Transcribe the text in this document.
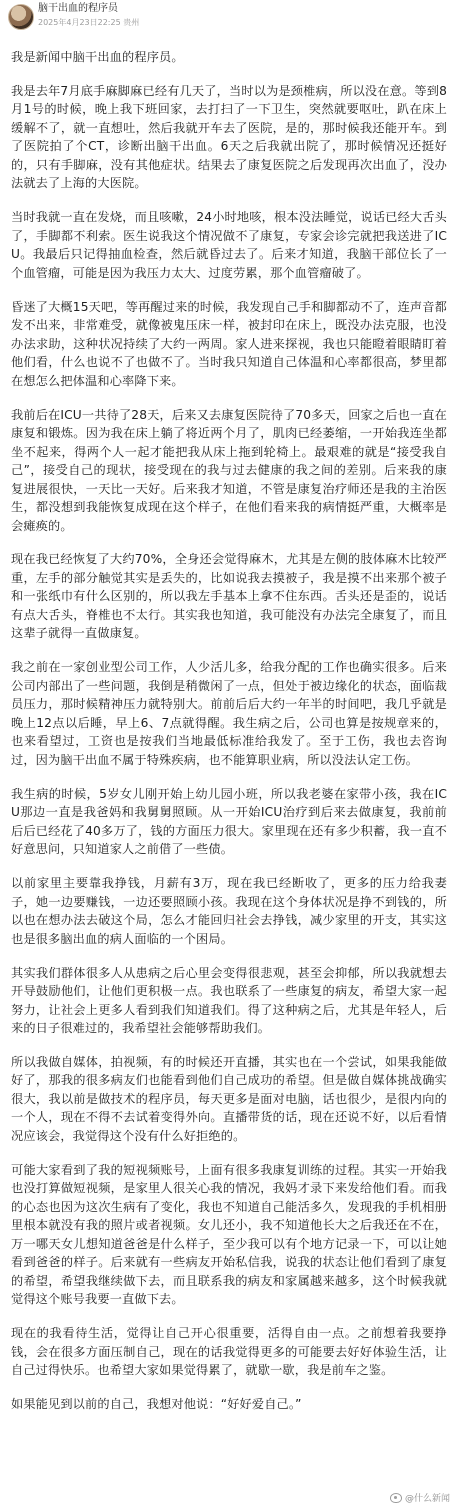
脑干出血的程序员
2025年4月23日22:25 贵州

我是新闻中脑干出血的程序员。

我是去年7月底手麻脚麻已经有几天了，当时以为是颈椎病，所以没在意。等到8月1号的时候，晚上我下班回家，去打扫了一下卫生，突然就要呕吐，趴在床上缓解不了，就一直想吐，然后我就开车去了医院，是的，那时候我还能开车。到了医院拍了个CT，诊断出脑干出血。6天之后我就出院了，那时候情况还挺好的，只有手脚麻，没有其他症状。结果去了康复医院之后发现再次出血了，没办法就去了上海的大医院。

当时我就一直在发烧，而且咳嗽，24小时地咳，根本没法睡觉，说话已经大舌头了，手脚都不利索。医生说我这个情况做不了康复，专家会诊完就把我送进了ICU。我最后只记得抽血检查，然后就昏过去了。后来才知道，我脑干部位长了一个血管瘤，可能是因为我压力太大、过度劳累，那个血管瘤破了。

昏迷了大概15天吧，等再醒过来的时候，我发现自己手和脚都动不了，连声音都发不出来，非常难受，就像被鬼压床一样，被封印在床上，既没办法克服，也没办法求助，这种状况持续了大约一两周。家人进来探视，我也只能瞪着眼睛盯着他们看，什么也说不了也做不了。当时我只知道自己体温和心率都很高，梦里都在想怎么把体温和心率降下来。

我前后在ICU一共待了28天，后来又去康复医院待了70多天，回家之后也一直在康复和锻炼。因为我在床上躺了将近两个月了，肌肉已经萎缩，一开始我连坐都坐不起来，得两个人一起才能把我从床上拖到轮椅上。最艰难的就是“接受我自己”，接受自己的现状，接受现在的我与过去健康的我之间的差别。后来我的康复进展很快，一天比一天好。后来我才知道，不管是康复治疗师还是我的主治医生，都没想到我能恢复成现在这个样子，在他们看来我的病情挺严重，大概率是会瘫痪的。

现在我已经恢复了大约70%，全身还会觉得麻木，尤其是左侧的肢体麻木比较严重，左手的部分触觉其实是丢失的，比如说我去摸被子，我是摸不出来那个被子和一张纸巾有什么区别的，所以我左手基本上拿不住东西。舌头还是歪的，说话有点大舌头，脊椎也不太行。其实我也知道，我可能没有办法完全康复了，而且这辈子就得一直做康复。

我之前在一家创业型公司工作，人少活儿多，给我分配的工作也确实很多。后来公司内部出了一些问题，我倒是稍微闲了一点，但处于被边缘化的状态，面临裁员压力，那时候精神压力就特别大。前前后后大约一年半的时间吧，我几乎就是晚上12点以后睡，早上6、7点就得醒。我生病之后，公司也算是按规章来的，也来看望过，工资也是按我们当地最低标准给我发了。至于工伤，我也去咨询过，因为脑干出血不属于特殊疾病，也不能算职业病，所以没法认定工伤。

我生病的时候，5岁女儿刚开始上幼儿园小班，所以我老婆在家带小孩，我在ICU那边一直是我爸妈和我舅舅照顾。从一开始ICU治疗到后来去做康复，我前前后后已经花了40多万了，钱的方面压力很大。家里现在还有多少积蓄，我一直不好意思问，只知道家人之前借了一些债。

以前家里主要靠我挣钱，月薪有3万，现在我已经断收了，更多的压力给我妻子，她一边要赚钱，一边还要照顾小孩。我现在这个身体状况是挣不到钱的，所以也在想办法去破这个局，怎么才能回归社会去挣钱，减少家里的开支，其实这也是很多脑出血的病人面临的一个困局。

其实我们群体很多人从患病之后心里会变得很悲观，甚至会抑郁，所以我就想去开导鼓励他们，让他们更积极一点。我也联系了一些康复的病友，希望大家一起努力，让社会上更多人看到我们知道我们。得了这种病之后，尤其是年轻人，后来的日子很难过的，我希望社会能够帮助我们。

所以我做自媒体，拍视频，有的时候还开直播，其实也在一个尝试，如果我能做好了，那我的很多病友们也能看到他们自己成功的希望。但是做自媒体挑战确实很大，我以前是做技术的程序员，每天更多是面对电脑，话也很少，是很内向的一个人，现在不得不去试着变得外向。直播带货的话，现在还说不好，以后看情况应该会，我觉得这个没有什么好拒绝的。

可能大家看到了我的短视频账号，上面有很多我康复训练的过程。其实一开始我也没打算做短视频，是家里人很关心我的情况，我妈才录下来发给他们看。而我的心态也因为这次生病有了变化，我也不知道自己能活多久，发现我的手机相册里根本就没有我的照片或者视频。女儿还小，我不知道他长大之后我还在不在，万一哪天女儿想知道爸爸是什么样子，至少我可以有个地方记录一下，可以让她看到爸爸的样子。后来就有一些病友开始私信我，说我的状态让他们看到了康复的希望，希望我继续做下去，而且联系我的病友和家属越来越多，这个时候我就觉得这个账号我要一直做下去。

现在的我看待生活，觉得让自己开心很重要，活得自由一点。之前想着我要挣钱，会在很多方面压制自己，现在的话我觉得更多的可能要去好好体验生活，让自己过得快乐。也希望大家如果觉得累了，就歇一歇，我是前车之鉴。

如果能见到以前的自己，我想对他说：“好好爱自己。”

@什么新闻
